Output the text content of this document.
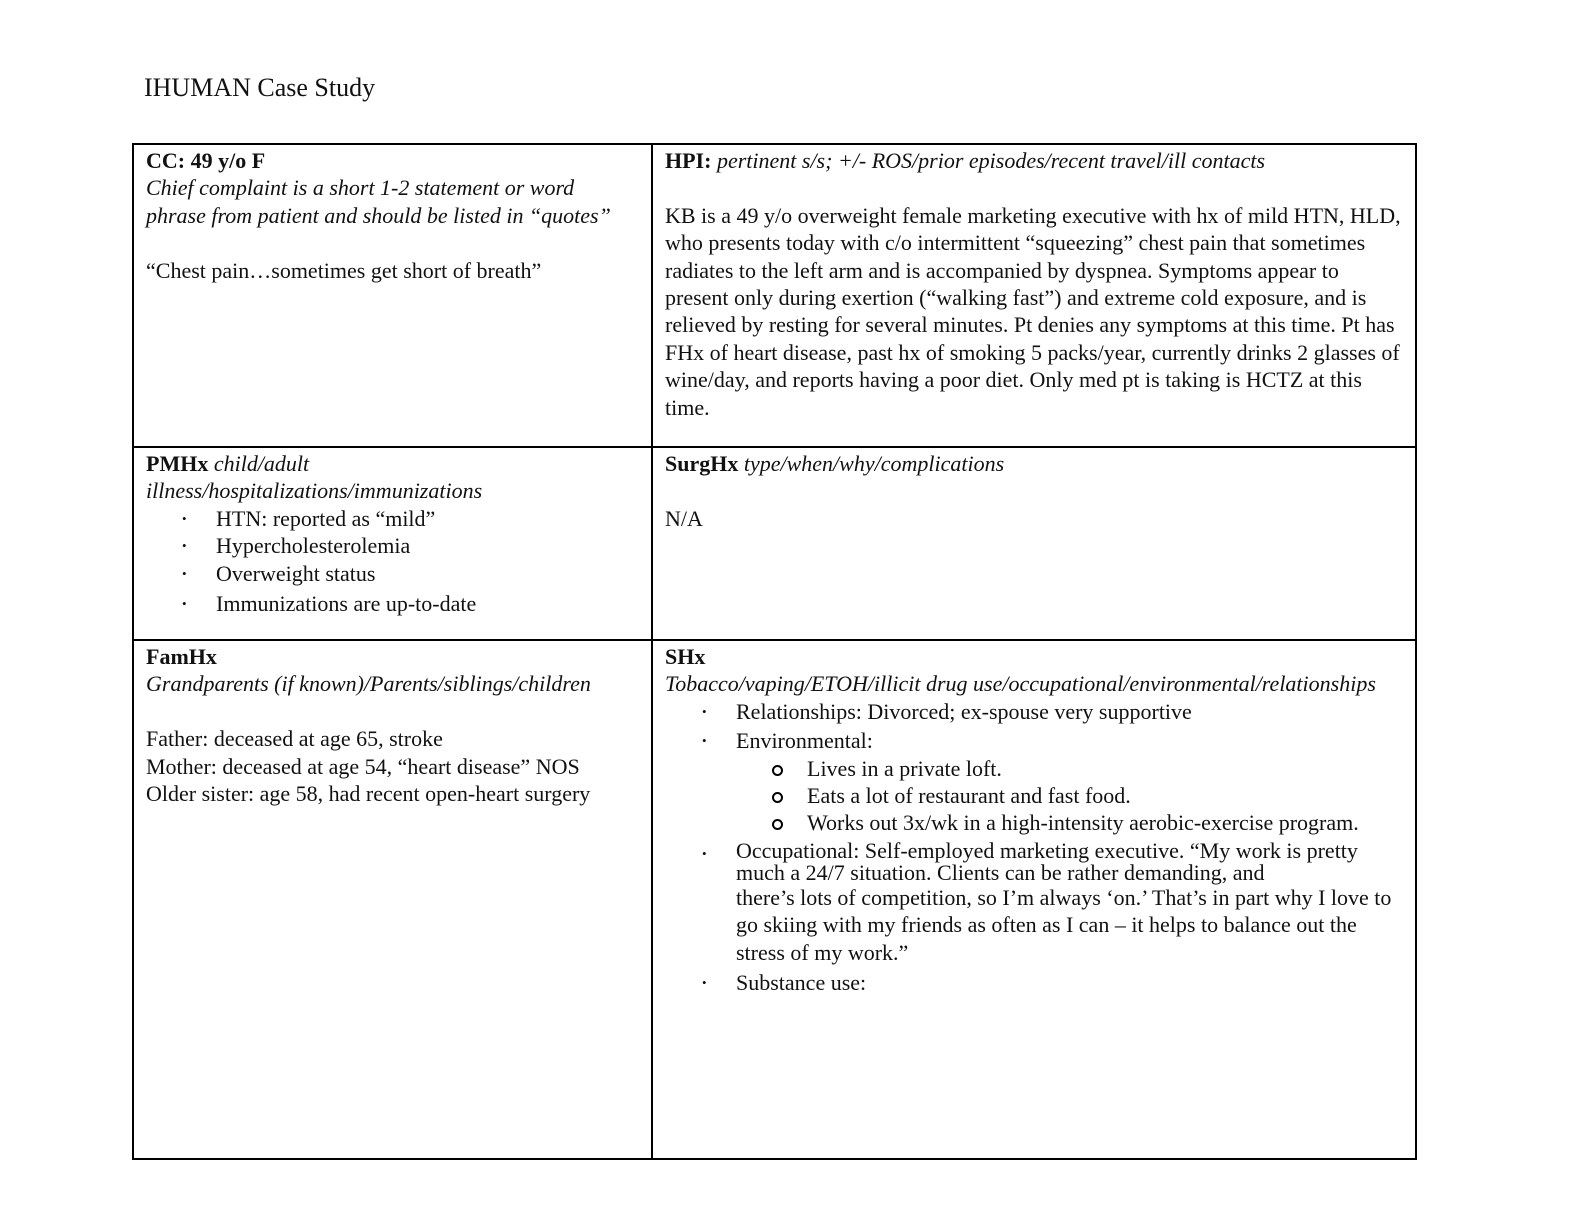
IHUMAN Case Study
CC: 49 y/o F
Chief complaint is a short 1-2 statement or word phrase from patient and should be listed in “quotes”
“Chest pain…sometimes get short of breath”
HPI: pertinent s/s; +/- ROS/prior episodes/recent travel/ill contacts
KB is a 49 y/o overweight female marketing executive with hx of mild HTN, HLD, who presents today with c/o intermittent “squeezing” chest pain that sometimes radiates to the left arm and is accompanied by dyspnea. Symptoms appear to present only during exertion (“walking fast”) and extreme cold exposure, and is relieved by resting for several minutes. Pt denies any symptoms at this time. Pt has FHx of heart disease, past hx of smoking 5 packs/year, currently drinks 2 glasses of wine/day, and reports having a poor diet. Only med pt is taking is HCTZ at this time.
PMHx child/adult illness/hospitalizations/immunizations
• HTN: reported as “mild”
• Hypercholesterolemia
• Overweight status
• Immunizations are up-to-date
SurgHx type/when/why/complications
N/A
FamHx
Grandparents (if known)/Parents/siblings/children
Father: deceased at age 65, stroke
Mother: deceased at age 54, “heart disease” NOS
Older sister: age 58, had recent open-heart surgery
SHx
Tobacco/vaping/ETOH/illicit drug use/occupational/environmental/relationships
• Relationships: Divorced; ex-spouse very supportive
• Environmental:
Lives in a private loft.
Eats a lot of restaurant and fast food.
Works out 3x/wk in a high-intensity aerobic-exercise program.
• Occupational: Self-employed marketing executive. “My work is pretty much a 24/7 situation. Clients can be rather demanding, and
there’s lots of competition, so I’m always ‘on.’ That’s in part why I love to go skiing with my friends as often as I can – it helps to balance out the stress of my work.”
• Substance use:
